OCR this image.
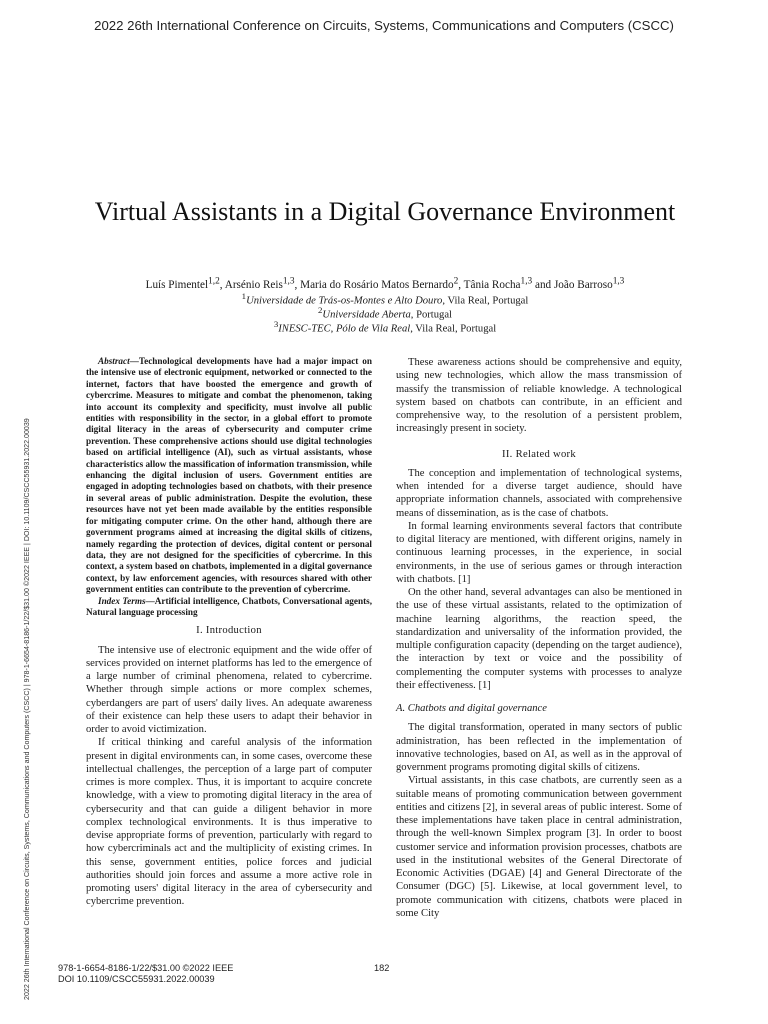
2022 26th International Conference on Circuits, Systems, Communications and Computers (CSCC)
2022 26th International Conference on Circuits, Systems, Communications and Computers (CSCC) | 978-1-6654-8186-1/22/$31.00 ©2022 IEEE | DOI: 10.1109/CSCC55931.2022.00039
Virtual Assistants in a Digital Governance Environment
Luís Pimentel$^{1,2}$, Arsénio Reis$^{1,3}$, Maria do Rosário Matos Bernardo$^2$, Tânia Rocha$^{1,3}$ and João Barroso$^{1,3}$
$^1$Universidade de Trás-os-Montes e Alto Douro, Vila Real, Portugal
$^2$Universidade Aberta, Portugal
$^3$INESC-TEC, Pólo de Vila Real, Vila Real, Portugal

Abstract—Technological developments have had a major impact on the intensive use of electronic equipment, networked or connected to the internet, factors that have boosted the emergence and growth of cybercrime. Measures to mitigate and combat the phenomenon, taking into account its complexity and specificity, must involve all public entities with responsibility in the sector, in a global effort to promote digital literacy in the areas of cybersecurity and computer crime prevention. These comprehensive actions should use digital technologies based on artificial intelligence (AI), such as virtual assistants, whose characteristics allow the massification of information transmission, while enhancing the digital inclusion of users. Government entities are engaged in adopting technologies based on chatbots, with their presence in several areas of public administration. Despite the evolution, these resources have not yet been made available by the entities responsible for mitigating computer crime. On the other hand, although there are government programs aimed at increasing the digital skills of citizens, namely regarding the protection of devices, digital content or personal data, they are not designed for the specificities of cybercrime. In this context, a system based on chatbots, implemented in a digital governance context, by law enforcement agencies, with resources shared with other government entities can contribute to the prevention of cybercrime.

Index Terms—Artificial intelligence, Chatbots, Conversational agents, Natural language processing

I. Introduction

The intensive use of electronic equipment and the wide offer of services provided on internet platforms has led to the emergence of a large number of criminal phenomena, related to cybercrime. Whether through simple actions or more complex schemes, cyberdangers are part of users' daily lives. An adequate awareness of their existence can help these users to adapt their behavior in order to avoid victimization.

If critical thinking and careful analysis of the information present in digital environments can, in some cases, overcome these intellectual challenges, the perception of a large part of computer crimes is more complex. Thus, it is important to acquire concrete knowledge, with a view to promoting digital literacy in the area of cybersecurity and that can guide a diligent behavior in more complex technological environments. It is thus imperative to devise appropriate forms of prevention, particularly with regard to how cybercriminals act and the multiplicity of existing crimes. In this sense, government entities, police forces and judicial authorities should join forces and assume a more active role in promoting users' digital literacy in the area of cybersecurity and cybercrime prevention.

These awareness actions should be comprehensive and equity, using new technologies, which allow the mass transmission of massify the transmission of reliable knowledge. A technological system based on chatbots can contribute, in an efficient and comprehensive way, to the resolution of a persistent problem, increasingly present in society.

II. Related work

The conception and implementation of technological systems, when intended for a diverse target audience, should have appropriate information channels, associated with comprehensive means of dissemination, as is the case of chatbots.

In formal learning environments several factors that contribute to digital literacy are mentioned, with different origins, namely in continuous learning processes, in the experience, in social environments, in the use of serious games or through interaction with chatbots. [1]

On the other hand, several advantages can also be mentioned in the use of these virtual assistants, related to the optimization of machine learning algorithms, the reaction speed, the standardization and universality of the information provided, the multiple configuration capacity (depending on the target audience), the interaction by text or voice and the possibility of complementing the computer systems with processes to analyze their effectiveness. [1]

A. Chatbots and digital governance

The digital transformation, operated in many sectors of public administration, has been reflected in the implementation of innovative technologies, based on AI, as well as in the approval of government programs promoting digital skills of citizens.

Virtual assistants, in this case chatbots, are currently seen as a suitable means of promoting communication between government entities and citizens [2], in several areas of public interest. Some of these implementations have taken place in central administration, through the well-known Simplex program [3]. In order to boost customer service and information provision processes, chatbots are used in the institutional websites of the General Directorate of Economic Activities (DGAE) [4] and General Directorate of the Consumer (DGC) [5]. Likewise, at local government level, to promote communication with citizens, chatbots were placed in some City

978-1-6654-8186-1/22/$31.00 ©2022 IEEE
DOI 10.1109/CSCC55931.2022.00039
182
